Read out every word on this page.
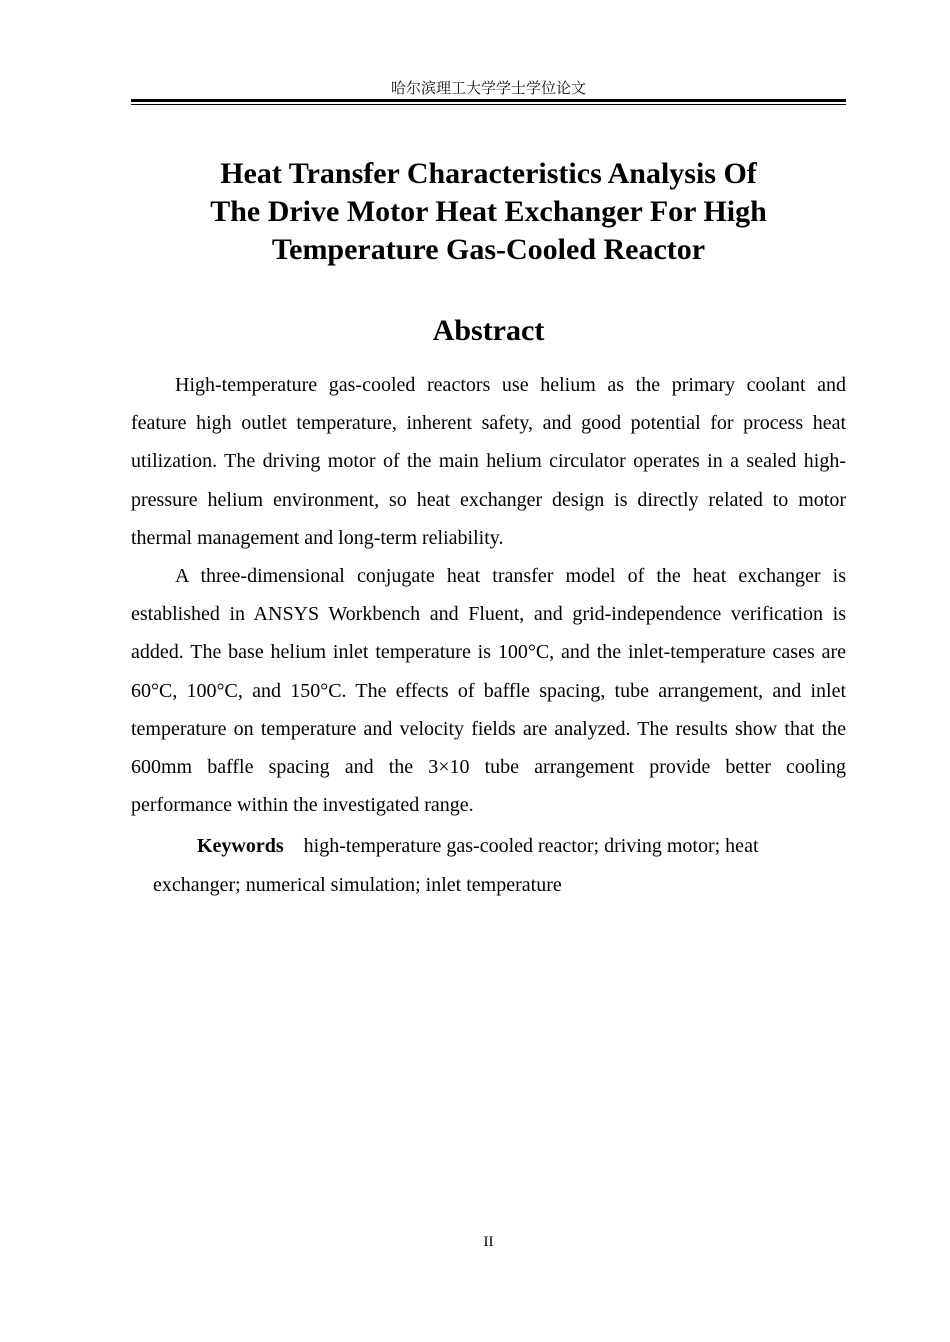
哈尔滨理工大学学士学位论文
Heat Transfer Characteristics Analysis Of
The Drive Motor Heat Exchanger For High
Temperature Gas-Cooled Reactor
Abstract

High-temperature gas-cooled reactors use helium as the primary coolant and feature high outlet temperature, inherent safety, and good potential for process heat utilization. The driving motor of the main helium circulator operates in a sealed high-pressure helium environment, so heat exchanger design is directly related to motor thermal management and long-term reliability.

A three-dimensional conjugate heat transfer model of the heat exchanger is established in ANSYS Workbench and Fluent, and grid-independence verification is added. The base helium inlet temperature is 100°C, and the inlet-temperature cases are 60°C, 100°C, and 150°C. The effects of baffle spacing, tube arrangement, and inlet temperature on temperature and velocity fields are analyzed. The results show that the 600mm baffle spacing and the 3×10 tube arrangement provide better cooling performance within the investigated range.

Keywords high-temperature gas-cooled reactor; driving motor; heat exchanger; numerical simulation; inlet temperature
II
